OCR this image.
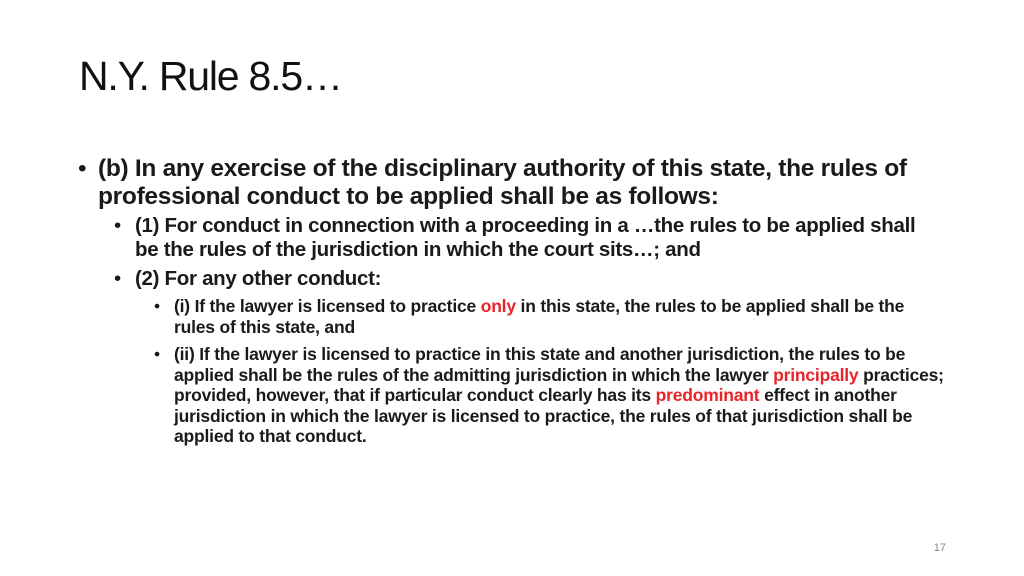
N.Y. Rule 8.5…
• (b) In any exercise of the disciplinary authority of this state, the rules of professional conduct to be applied shall be as follows:
• (1) For conduct in connection with a proceeding in a …the rules to be applied shall be the rules of the jurisdiction in which the court sits…; and
• (2) For any other conduct:
• (i) If the lawyer is licensed to practice only in this state, the rules to be applied shall be the rules of this state, and
• (ii) If the lawyer is licensed to practice in this state and another jurisdiction, the rules to be applied shall be the rules of the admitting jurisdiction in which the lawyer principally practices; provided, however, that if particular conduct clearly has its predominant effect in another jurisdiction in which the lawyer is licensed to practice, the rules of that jurisdiction shall be applied to that conduct.
17
